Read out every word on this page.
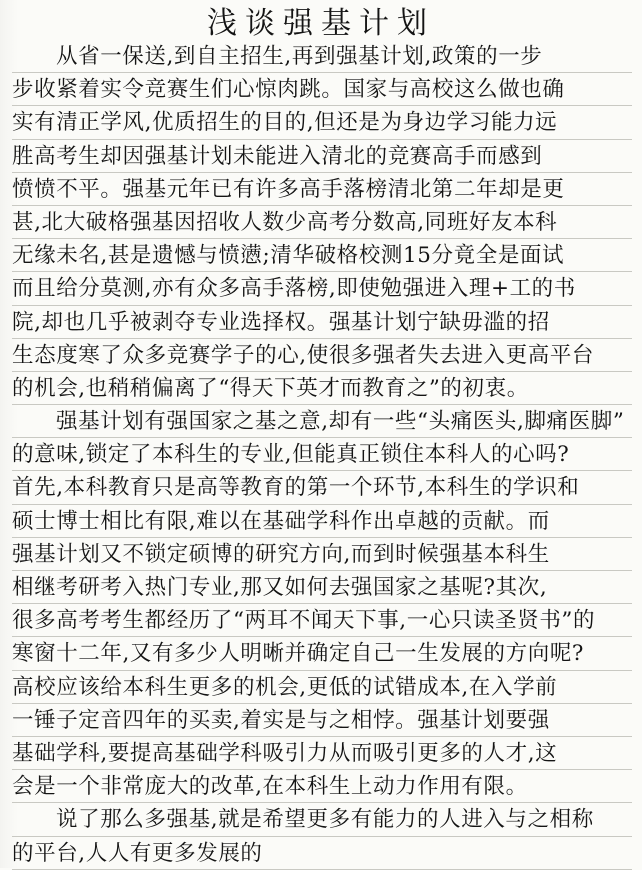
浅谈强基计划
从省一保送,到自主招生,再到强基计划,政策的一步
步收紧着实令竞赛生们心惊肉跳。国家与高校这么做也确
实有清正学风,优质招生的目的,但还是为身边学习能力远
胜高考生却因强基计划未能进入清北的竞赛高手而感到
愤愤不平。强基元年已有许多高手落榜清北第二年却是更
甚,北大破格强基因招收人数少高考分数高,同班好友本科
无缘未名,甚是遗憾与愤懑;清华破格校测15分竟全是面试
而且给分莫测,亦有众多高手落榜,即使勉强进入理+工的书
院,却也几乎被剥夺专业选择权。强基计划宁缺毋滥的招
生态度寒了众多竞赛学子的心,使很多强者失去进入更高平台
的机会,也稍稍偏离了“得天下英才而教育之”的初衷。
强基计划有强国家之基之意,却有一些“头痛医头,脚痛医脚”
的意味,锁定了本科生的专业,但能真正锁住本科人的心吗?
首先,本科教育只是高等教育的第一个环节,本科生的学识和
硕士博士相比有限,难以在基础学科作出卓越的贡献。而
强基计划又不锁定硕博的研究方向,而到时候强基本科生
相继考研考入热门专业,那又如何去强国家之基呢?其次,
很多高考考生都经历了“两耳不闻天下事,一心只读圣贤书”的
寒窗十二年,又有多少人明晰并确定自己一生发展的方向呢?
高校应该给本科生更多的机会,更低的试错成本,在入学前
一锤子定音四年的买卖,着实是与之相悖。强基计划要强
基础学科,要提高基础学科吸引力从而吸引更多的人才,这
会是一个非常庞大的改革,在本科生上动力作用有限。
说了那么多强基,就是希望更多有能力的人进入与之相称
的平台,人人有更多发展的
